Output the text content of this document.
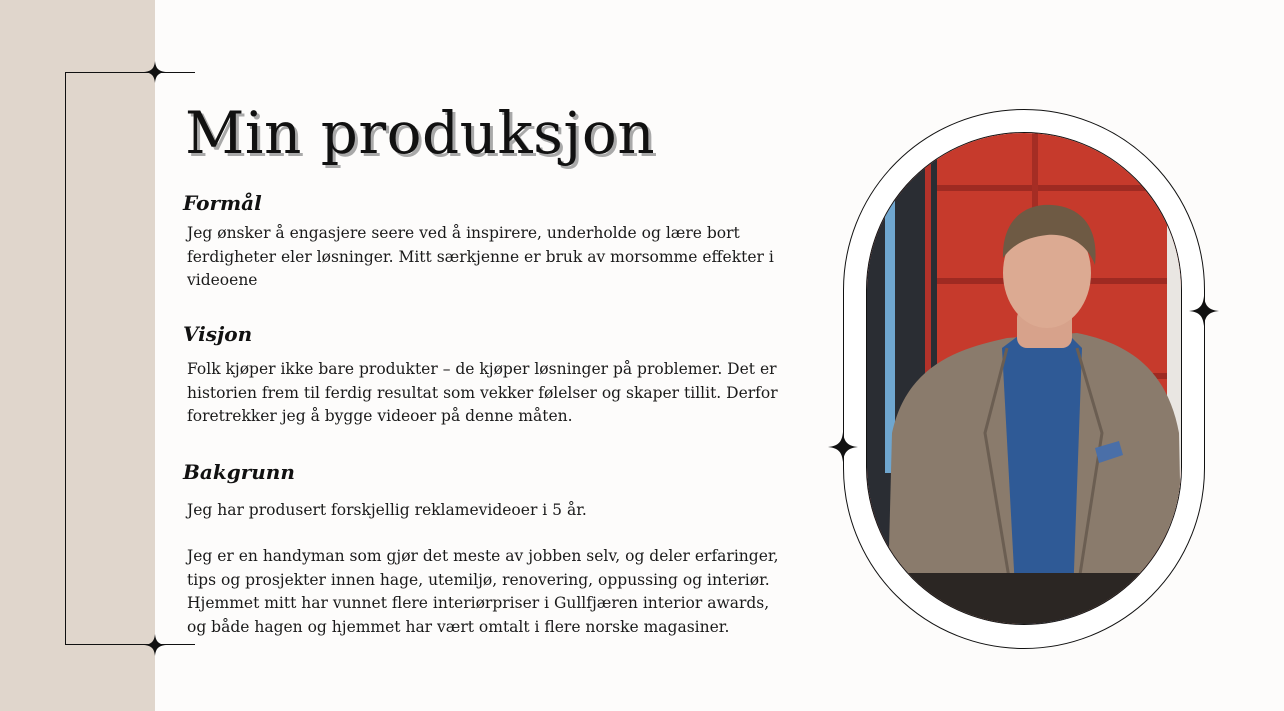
Min produksjon
Formål

Jeg ønsker å engasjere seere ved å inspirere, underholde og lære bort
ferdigheter eler løsninger. Mitt særkjenne er bruk av morsomme effekter i
videoene

Visjon

Folk kjøper ikke bare produkter – de kjøper løsninger på problemer. Det er
historien frem til ferdig resultat som vekker følelser og skaper tillit. Derfor
foretrekker jeg å bygge videoer på denne måten.

Bakgrunn

Jeg har produsert forskjellig reklamevideoer i 5 år.

Jeg er en handyman som gjør det meste av jobben selv, og deler erfaringer,
tips og prosjekter innen hage, utemiljø, renovering, oppussing og interiør.
Hjemmet mitt har vunnet flere interiørpriser i Gullfjæren interior awards,
og både hagen og hjemmet har vært omtalt i flere norske magasiner.
